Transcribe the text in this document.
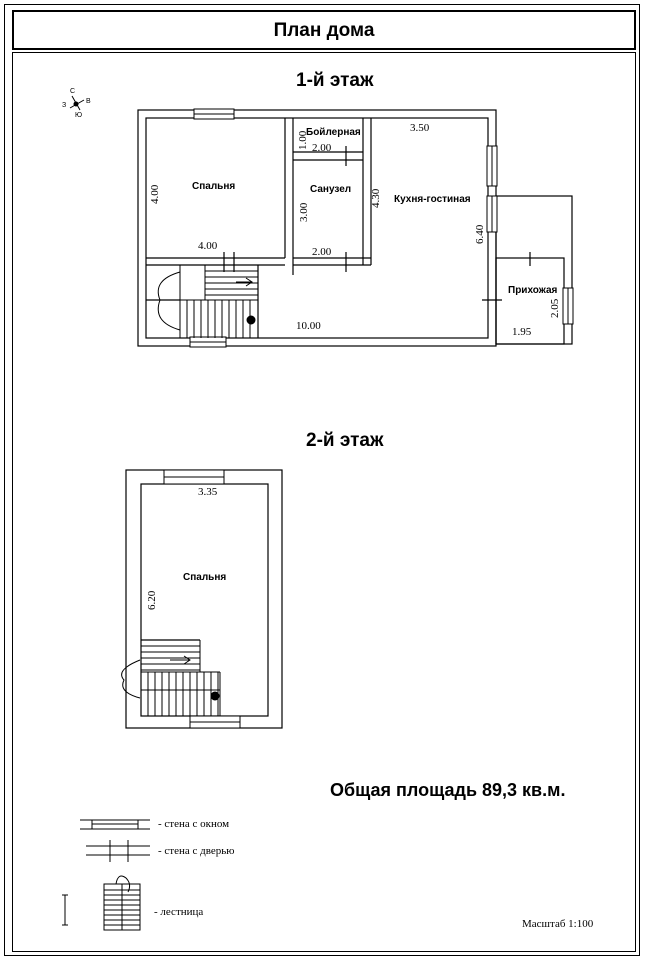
План дома
С
З
В
Ю
1-й этаж
Спальня
Бойлерная
Санузел
Кухня-гостиная
Прихожая
4.00
4.00
1.00 2.00
3.00
2.00
4.30
3.50
6.40
10.00
2.05
1.95
2-й этаж
Спальня
3.35
6.20
Общая площадь 89,3 кв.м.
- стена с окном
- стена с дверью
- лестница
Масштаб 1:100
